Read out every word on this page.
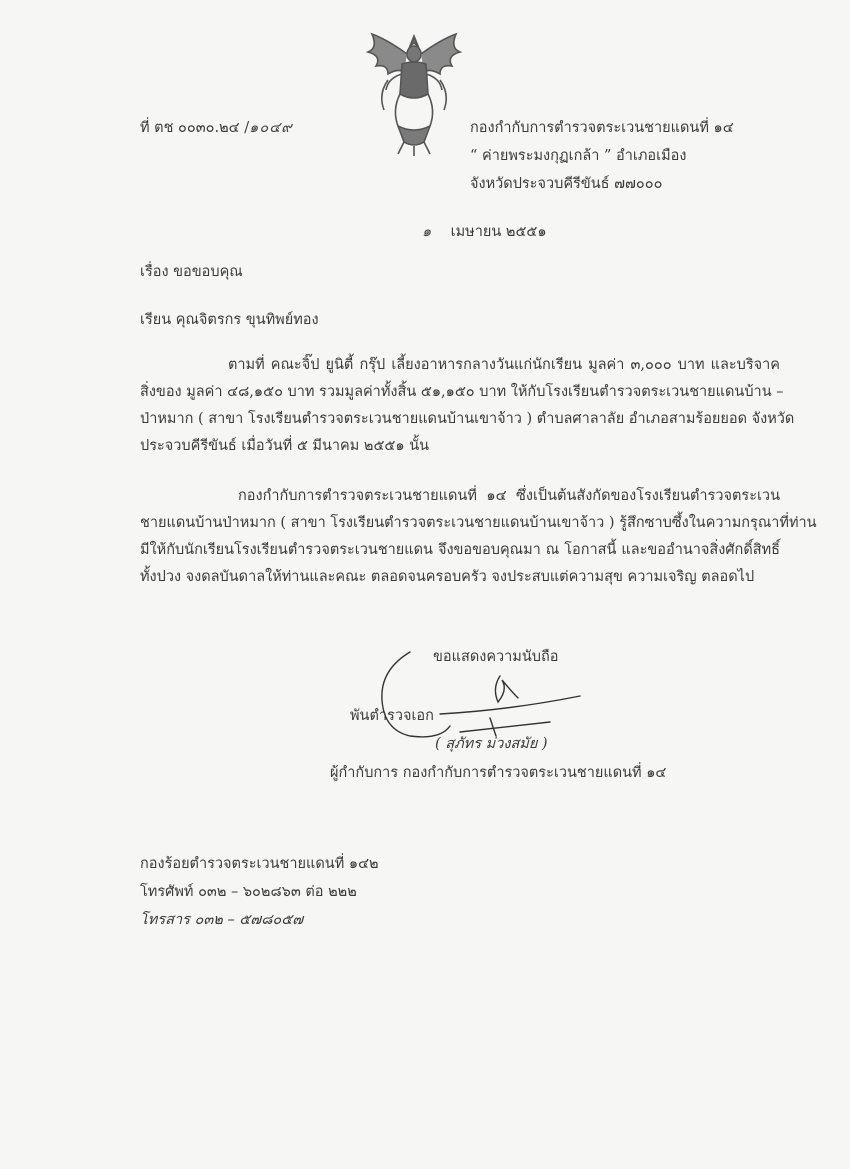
ที่ ตช ๐๐๓๐.๒๔ /๑๐๔๙	กองกำกับการตำรวจตระเวนชายแดนที่ ๑๔
“ ค่ายพระมงกุฏเกล้า ” อำเภอเมือง
จังหวัดประจวบคีรีขันธ์ ๗๗๐๐๐
๑ เมษายน ๒๕๕๑
เรื่อง ขอขอบคุณ
เรียน คุณจิตรกร ขุนทิพย์ทอง
ตามที่ คณะจิ๊ป ยูนิตี้ กรุ๊ป เลี้ยงอาหารกลางวันแก่นักเรียน มูลค่า ๓,๐๐๐ บาท และบริจาค
สิ่งของ มูลค่า ๔๘,๑๕๐ บาท รวมมูลค่าทั้งสิ้น ๕๑,๑๕๐ บาท ให้กับโรงเรียนตำรวจตระเวนชายแดนบ้าน –
ป่าหมาก ( สาขา โรงเรียนตำรวจตระเวนชายแดนบ้านเขาจ้าว ) ตำบลศาลาลัย อำเภอสามร้อยยอด จังหวัด
ประจวบคีรีขันธ์ เมื่อวันที่ ๕ มีนาคม ๒๕๕๑ นั้น
กองกำกับการตำรวจตระเวนชายแดนที่ ๑๔ ซึ่งเป็นต้นสังกัดของโรงเรียนตำรวจตระเวน
ชายแดนบ้านป่าหมาก ( สาขา โรงเรียนตำรวจตระเวนชายแดนบ้านเขาจ้าว ) รู้สึกซาบซึ้งในความกรุณาที่ท่าน
มีให้กับนักเรียนโรงเรียนตำรวจตระเวนชายแดน จึงขอขอบคุณมา ณ โอกาสนี้ และขออำนาจสิ่งศักดิ์สิทธิ์
ทั้งปวง จงดลบันดาลให้ท่านและคณะ ตลอดจนครอบครัว จงประสบแต่ความสุข ความเจริญ ตลอดไป
ขอแสดงความนับถือ
พันตำรวจเอก
( สุภัทร ม่วงสมัย )
ผู้กำกับการ กองกำกับการตำรวจตระเวนชายแดนที่ ๑๔
กองร้อยตำรวจตระเวนชายแดนที่ ๑๔๒
โทรศัพท์ ๐๓๒ – ๖๐๒๘๖๓ ต่อ ๒๒๒
โทรสาร ๐๓๒ – ๕๗๘๐๕๗
